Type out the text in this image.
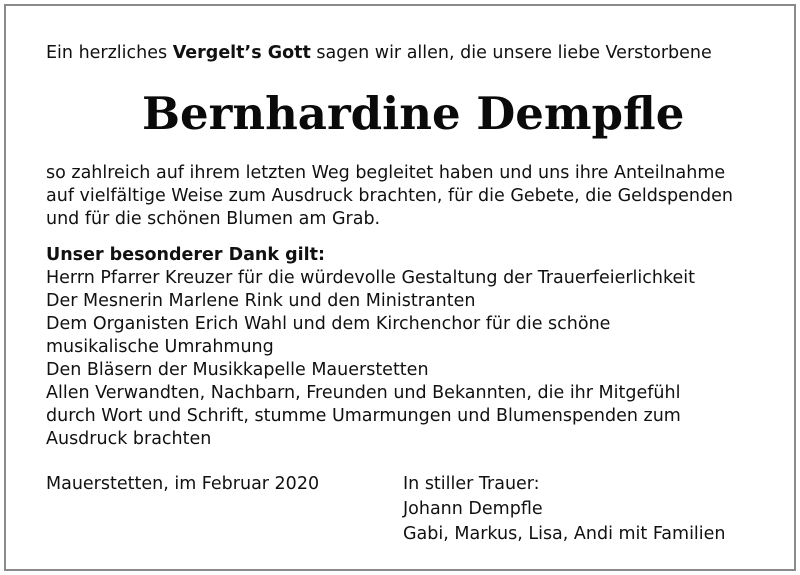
Ein herzliches Vergelt’s Gott sagen wir allen, die unsere liebe Verstorbene
Bernhardine Dempfle
so zahlreich auf ihrem letzten Weg begleitet haben und uns ihre Anteilnahme
auf vielfältige Weise zum Ausdruck brachten, für die Gebete, die Geldspenden
und für die schönen Blumen am Grab.
Unser besonderer Dank gilt:
Herrn Pfarrer Kreuzer für die würdevolle Gestaltung der Trauerfeierlichkeit
Der Mesnerin Marlene Rink und den Ministranten
Dem Organisten Erich Wahl und dem Kirchenchor für die schöne
musikalische Umrahmung
Den Bläsern der Musikkapelle Mauerstetten
Allen Verwandten, Nachbarn, Freunden und Bekannten, die ihr Mitgefühl
durch Wort und Schrift, stumme Umarmungen und Blumenspenden zum
Ausdruck brachten
Mauerstetten, im Februar 2020	In stiller Trauer:
Johann Dempfle
Gabi, Markus, Lisa, Andi mit Familien
